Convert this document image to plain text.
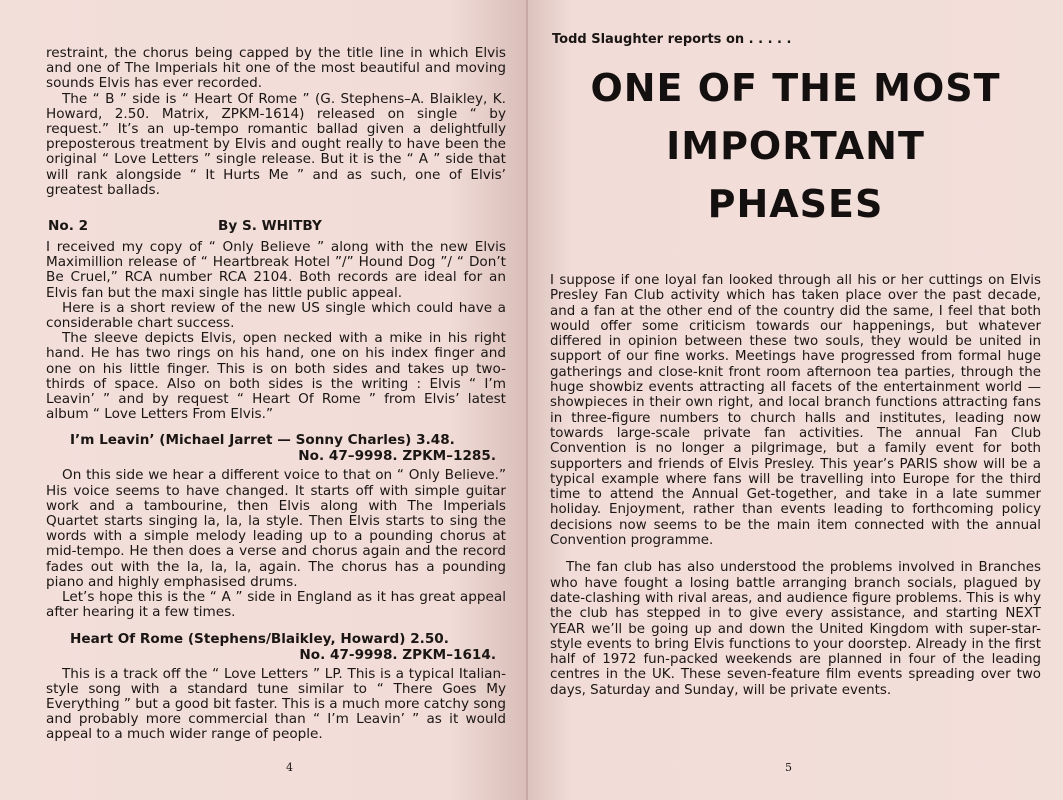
restraint, the chorus being capped by the title line in which Elvis and one of The Imperials hit one of the most beautiful and moving sounds Elvis has ever recorded.

The “ B ” side is “ Heart Of Rome ” (G. Stephens–A. Blaikley, K. Howard, 2.50. Matrix, ZPKM-1614) released on single “ by request.” It’s an up-tempo romantic ballad given a delightfully preposterous treatment by Elvis and ought really to have been the original “ Love Letters ” single release. But it is the “ A ” side that will rank alongside “ It Hurts Me ” and as such, one of Elvis’ greatest ballads.

No. 2	By S. WHITBY

I received my copy of “ Only Believe ” along with the new Elvis Maximillion release of “ Heartbreak Hotel ”/” Hound Dog ”/ “ Don’t Be Cruel,” RCA number RCA 2104. Both records are ideal for an Elvis fan but the maxi single has little public appeal.

Here is a short review of the new US single which could have a considerable chart success.

The sleeve depicts Elvis, open necked with a mike in his right hand. He has two rings on his hand, one on his index finger and one on his little finger. This is on both sides and takes up two-thirds of space. Also on both sides is the writing : Elvis “ I’m Leavin’ ” and by request “ Heart Of Rome ” from Elvis’ latest album “ Love Letters From Elvis.”

I’m Leavin’ (Michael Jarret — Sonny Charles) 3.48.
No. 47–9998. ZPKM–1285.

On this side we hear a different voice to that on “ Only Believe.” His voice seems to have changed. It starts off with simple guitar work and a tambourine, then Elvis along with The Imperials Quartet starts singing la, la, la style. Then Elvis starts to sing the words with a simple melody leading up to a pounding chorus at mid-tempo. He then does a verse and chorus again and the record fades out with the la, la, la, again. The chorus has a pounding piano and highly emphasised drums.

Let’s hope this is the “ A ” side in England as it has great appeal after hearing it a few times.

Heart Of Rome (Stephens/Blaikley, Howard) 2.50.
No. 47-9998. ZPKM–1614.

This is a track off the “ Love Letters ” LP. This is a typical Italian-style song with a standard tune similar to “ There Goes My Everything ” but a good bit faster. This is a much more catchy song and probably more commercial than “ I’m Leavin’ ” as it would appeal to a much wider range of people.

4
Todd Slaughter reports on . . . . .
ONE OF THE MOST
IMPORTANT
PHASES

I suppose if one loyal fan looked through all his or her cuttings on Elvis Presley Fan Club activity which has taken place over the past decade, and a fan at the other end of the country did the same, I feel that both would offer some criticism towards our happenings, but whatever differed in opinion between these two souls, they would be united in support of our fine works. Meetings have progressed from formal huge gatherings and close-knit front room afternoon tea parties, through the huge showbiz events attracting all facets of the entertainment world — showpieces in their own right, and local branch functions attracting fans in three-figure numbers to church halls and institutes, leading now towards large-scale private fan activities. The annual Fan Club Convention is no longer a pilgrimage, but a family event for both supporters and friends of Elvis Presley. This year’s PARIS show will be a typical example where fans will be travelling into Europe for the third time to attend the Annual Get-together, and take in a late summer holiday. Enjoyment, rather than events leading to forthcoming policy decisions now seems to be the main item connected with the annual Convention programme.

The fan club has also understood the problems involved in Branches who have fought a losing battle arranging branch socials, plagued by date-clashing with rival areas, and audience figure problems. This is why the club has stepped in to give every assistance, and starting NEXT YEAR we’ll be going up and down the United Kingdom with super-star-style events to bring Elvis functions to your doorstep. Already in the first half of 1972 fun-packed weekends are planned in four of the leading centres in the UK. These seven-feature film events spreading over two days, Saturday and Sunday, will be private events.

5
